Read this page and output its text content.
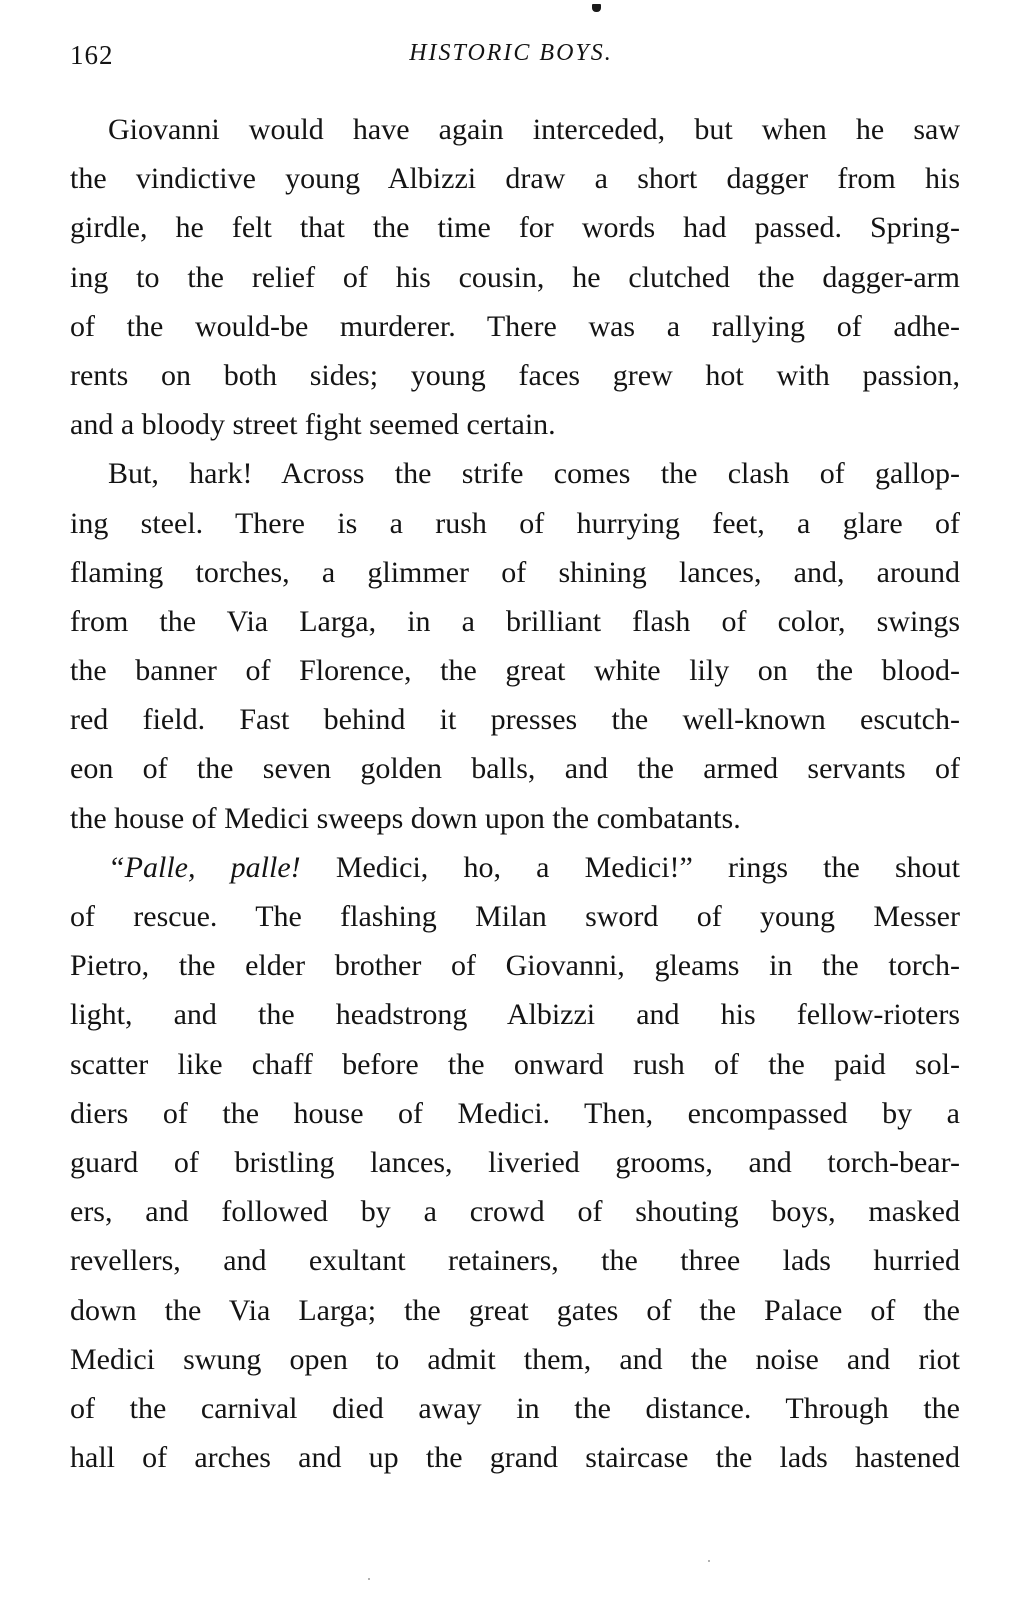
162	HISTORIC BOYS.
Giovanni would have again interceded, but when he saw
the vindictive young Albizzi draw a short dagger from his
girdle, he felt that the time for words had passed. Spring-
ing to the relief of his cousin, he clutched the dagger-arm
of the would-be murderer. There was a rallying of adhe-
rents on both sides; young faces grew hot with passion,
and a bloody street fight seemed certain.
But, hark! Across the strife comes the clash of gallop-
ing steel. There is a rush of hurrying feet, a glare of
flaming torches, a glimmer of shining lances, and, around
from the Via Larga, in a brilliant flash of color, swings
the banner of Florence, the great white lily on the blood-
red field. Fast behind it presses the well-known escutch-
eon of the seven golden balls, and the armed servants of
the house of Medici sweeps down upon the combatants.
“Palle, palle! Medici, ho, a Medici!” rings the shout
of rescue. The flashing Milan sword of young Messer
Pietro, the elder brother of Giovanni, gleams in the torch-
light, and the headstrong Albizzi and his fellow-rioters
scatter like chaff before the onward rush of the paid sol-
diers of the house of Medici. Then, encompassed by a
guard of bristling lances, liveried grooms, and torch-bear-
ers, and followed by a crowd of shouting boys, masked
revellers, and exultant retainers, the three lads hurried
down the Via Larga; the great gates of the Palace of the
Medici swung open to admit them, and the noise and riot
of the carnival died away in the distance. Through the
hall of arches and up the grand staircase the lads hastened
